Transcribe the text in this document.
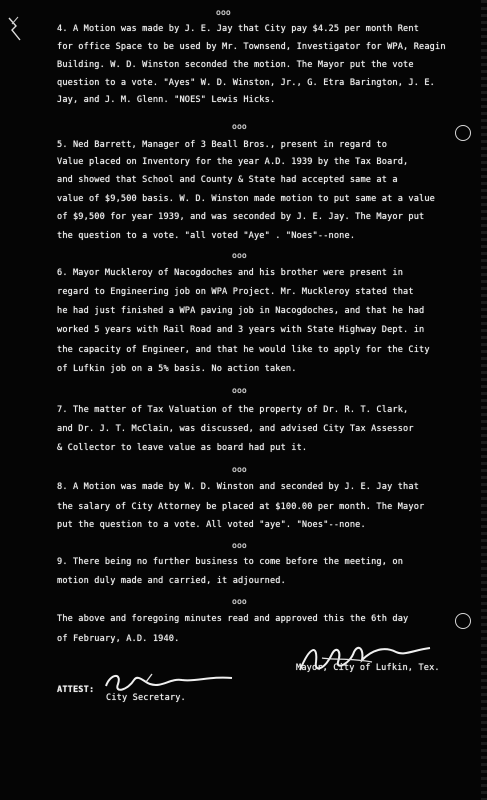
ooo
4. A Motion was made by J. E. Jay that City pay $4.25 per month Rent
for office Space to be used by Mr. Townsend, Investigator for WPA, Reagin
Building. W. D. Winston seconded the motion. The Mayor put the vote
question to a vote. "Ayes" W. D. Winston, Jr., G. Etra Barington, J. E.
Jay, and J. M. Glenn. "NOES" Lewis Hicks.
ooo
5. Ned Barrett, Manager of 3 Beall Bros., present in regard to
Value placed on Inventory for the year A.D. 1939 by the Tax Board,
and showed that School and County & State had accepted same at a
value of $9,500 basis. W. D. Winston made motion to put same at a value
of $9,500 for year 1939, and was seconded by J. E. Jay. The Mayor put
the question to a vote. "all voted "Aye" . "Noes"--none.
ooo
6. Mayor Muckleroy of Nacogdoches and his brother were present in
regard to Engineering job on WPA Project. Mr. Muckleroy stated that
he had just finished a WPA paving job in Nacogdoches, and that he had
worked 5 years with Rail Road and 3 years with State Highway Dept. in
the capacity of Engineer, and that he would like to apply for the City
of Lufkin job on a 5% basis. No action taken.
ooo
7. The matter of Tax Valuation of the property of Dr. R. T. Clark,
and Dr. J. T. McClain, was discussed, and advised City Tax Assessor
& Collector to leave value as board had put it.
ooo
8. A Motion was made by W. D. Winston and seconded by J. E. Jay that
the salary of City Attorney be placed at $100.00 per month. The Mayor
put the question to a vote. All voted "aye". "Noes"--none.
ooo
9. There being no further business to come before the meeting, on
motion duly made and carried, it adjourned.
ooo
The above and foregoing minutes read and approved this the 6th day
of February, A.D. 1940.
Mayor, City of Lufkin, Tex.
ATTEST:
City Secretary.
